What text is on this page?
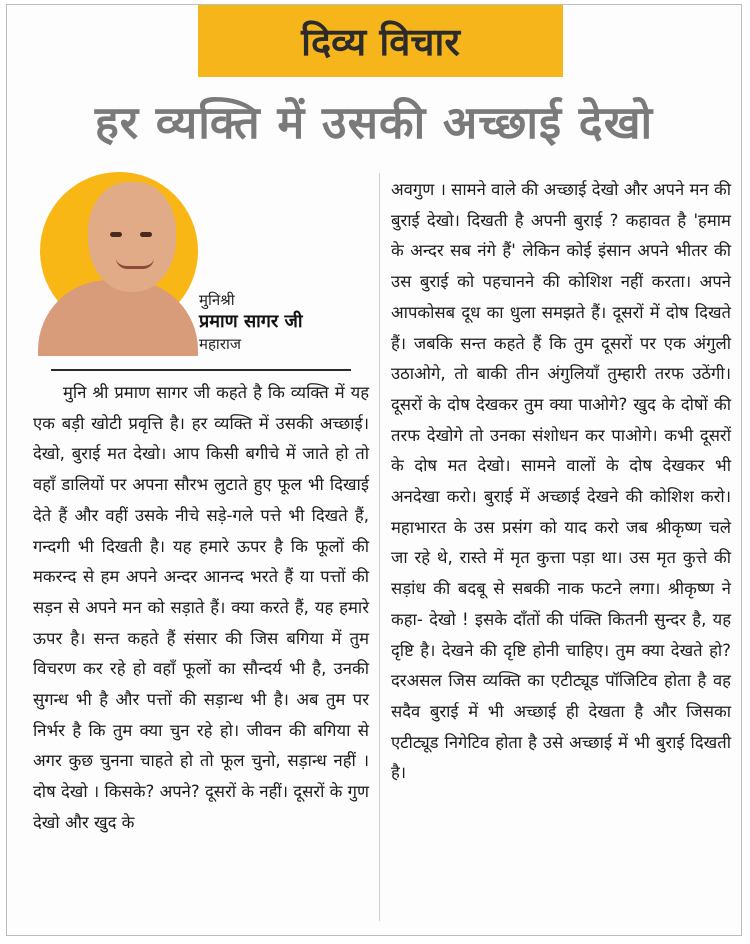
दिव्य विचार
हर व्यक्ति में उसकी अच्छाई देखो
मुनिश्री
प्रमाण सागर जी
महाराज

मुनि श्री प्रमाण सागर जी कहते है कि व्यक्ति में यह एक बड़ी खोटी प्रवृत्ति है। हर व्यक्ति में उसकी अच्छाई। देखो, बुराई मत देखो। आप किसी बगीचे में जाते हो तो वहाँ डालियों पर अपना सौरभ लुटाते हुए फूल भी दिखाई देते हैं और वहीं उसके नीचे सड़े-गले पत्ते भी दिखते हैं, गन्दगी भी दिखती है। यह हमारे ऊपर है कि फूलों की मकरन्द से हम अपने अन्दर आनन्द भरते हैं या पत्तों की सड़न से अपने मन को सड़ाते हैं। क्या करते हैं, यह हमारे ऊपर है। सन्त कहते हैं संसार की जिस बगिया में तुम विचरण कर रहे हो वहाँ फूलों का सौन्दर्य भी है, उनकी सुगन्ध भी है और पत्तों की सड़ान्ध भी है। अब तुम पर निर्भर है कि तुम क्या चुन रहे हो। जीवन की बगिया से अगर कुछ चुनना चाहते हो तो फूल चुनो, सड़ान्ध नहीं । दोष देखो । किसके? अपने? दूसरों के नहीं। दूसरों के गुण देखो और खुद के

अवगुण । सामने वाले की अच्छाई देखो और अपने मन की बुराई देखो। दिखती है अपनी बुराई ? कहावत है 'हमाम के अन्दर सब नंगे हैं' लेकिन कोई इंसान अपने भीतर की उस बुराई को पहचानने की कोशिश नहीं करता। अपने आपकोसब दूध का धुला समझते हैं। दूसरों में दोष दिखते हैं। जबकि सन्त कहते हैं कि तुम दूसरों पर एक अंगुली उठाओगे, तो बाकी तीन अंगुलियाँ तुम्हारी तरफ उठेंगी। दूसरों के दोष देखकर तुम क्या पाओगे? खुद के दोषों की तरफ देखोगे तो उनका संशोधन कर पाओगे। कभी दूसरों के दोष मत देखो। सामने वालों के दोष देखकर भी अनदेखा करो। बुराई में अच्छाई देखने की कोशिश करो। महाभारत के उस प्रसंग को याद करो जब श्रीकृष्ण चले जा रहे थे, रास्ते में मृत कुत्ता पड़ा था। उस मृत कुत्ते की सड़ांध की बदबू से सबकी नाक फटने लगा। श्रीकृष्ण ने कहा- देखो ! इसके दाँतों की पंक्ति कितनी सुन्दर है, यह दृष्टि है। देखने की दृष्टि होनी चाहिए। तुम क्या देखते हो? दरअसल जिस व्यक्ति का एटीट्यूड पॉजिटिव होता है वह सदैव बुराई में भी अच्छाई ही देखता है और जिसका एटीट्यूड निगेटिव होता है उसे अच्छाई में भी बुराई दिखती है।
